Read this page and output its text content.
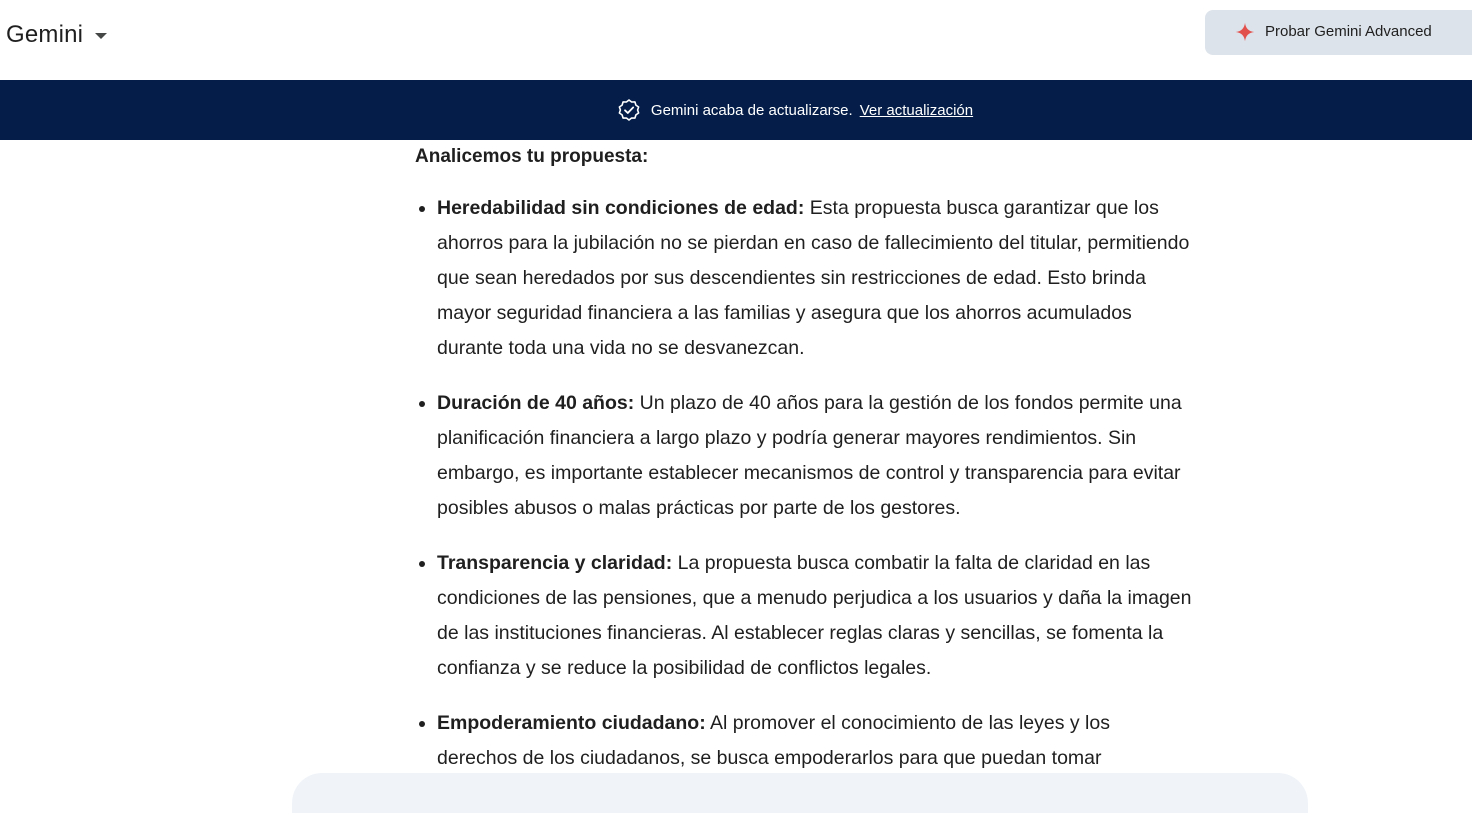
Gemini	Probar Gemini Advanced
Gemini acaba de actualizarse. Ver actualización

Analicemos tu propuesta:

Heredabilidad sin condiciones de edad: Esta propuesta busca garantizar que los ahorros para la jubilación no se pierdan en caso de fallecimiento del titular, permitiendo que sean heredados por sus descendientes sin restricciones de edad. Esto brinda mayor seguridad financiera a las familias y asegura que los ahorros acumulados durante toda una vida no se desvanezcan.
Duración de 40 años: Un plazo de 40 años para la gestión de los fondos permite una planificación financiera a largo plazo y podría generar mayores rendimientos. Sin embargo, es importante establecer mecanismos de control y transparencia para evitar posibles abusos o malas prácticas por parte de los gestores.
Transparencia y claridad: La propuesta busca combatir la falta de claridad en las condiciones de las pensiones, que a menudo perjudica a los usuarios y daña la imagen de las instituciones financieras. Al establecer reglas claras y sencillas, se fomenta la confianza y se reduce la posibilidad de conflictos legales.
Empoderamiento ciudadano: Al promover el conocimiento de las leyes y los derechos de los ciudadanos, se busca empoderarlos para que puedan tomar
